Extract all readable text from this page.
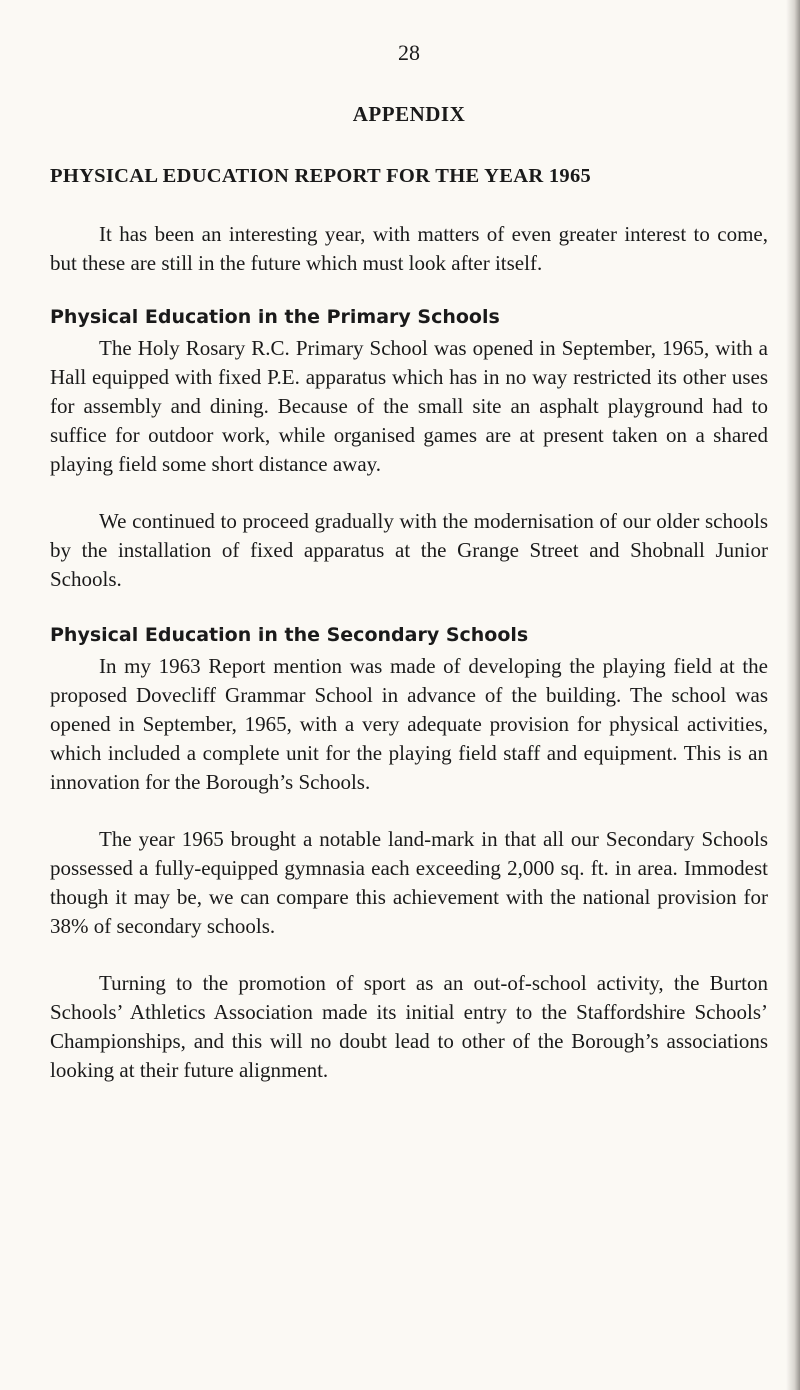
28
APPENDIX
PHYSICAL EDUCATION REPORT FOR THE YEAR 1965

It has been an interesting year, with matters of even greater interest to come, but these are still in the future which must look after itself.

Physical Education in the Primary Schools

The Holy Rosary R.C. Primary School was opened in September, 1965, with a Hall equipped with fixed P.E. apparatus which has in no way restricted its other uses for assembly and dining. Because of the small site an asphalt playground had to suffice for outdoor work, while organised games are at present taken on a shared playing field some short distance away.

We continued to proceed gradually with the modernisation of our older schools by the installation of fixed apparatus at the Grange Street and Shobnall Junior Schools.

Physical Education in the Secondary Schools

In my 1963 Report mention was made of developing the playing field at the proposed Dovecliff Grammar School in advance of the building. The school was opened in September, 1965, with a very adequate provision for physical activities, which included a complete unit for the playing field staff and equipment. This is an innovation for the Borough’s Schools.

The year 1965 brought a notable land-mark in that all our Secondary Schools possessed a fully-equipped gymnasia each exceeding 2,000 sq. ft. in area. Immodest though it may be, we can compare this achievement with the national provision for 38% of secondary schools.

Turning to the promotion of sport as an out-of-school activity, the Burton Schools’ Athletics Association made its initial entry to the Staffordshire Schools’ Championships, and this will no doubt lead to other of the Borough’s associations looking at their future alignment.
